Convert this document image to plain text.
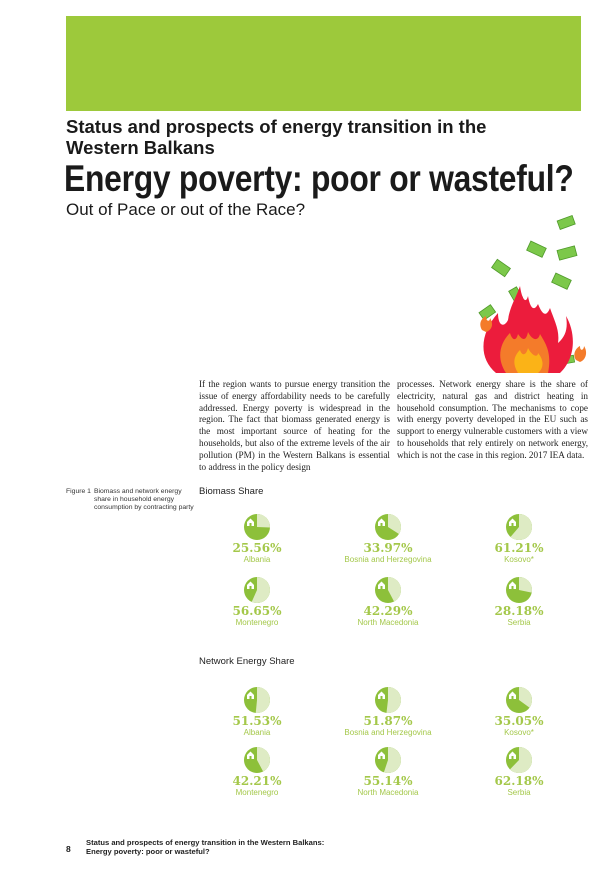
Status and prospects of energy transition in the Western Balkans
Energy poverty: poor or wasteful?
Out of Pace or out of the Race?
If the region wants to pursue energy transition the issue of energy affordability needs to be carefully addressed. Energy poverty is widespread in the region. The fact that biomass generated energy is the most important source of heating for the households, but also of the extreme levels of the air pollution (PM) in the Western Balkans is essential to address in the policy design
processes. Network energy share is the share of electricity, natural gas and district heating in household consumption. The mechanisms to cope with energy poverty developed in the EU such as support to energy vulnerable customers with a view to households that rely entirely on network energy, which is not the case in this region. 2017 IEA data.
Figure 1 Biomass and network energy share in household energy consumption by contracting party
Biomass Share
Network Energy Share
25.56%
Albania
33.97%
Bosnia and Herzegovina
61.21%
Kosovo*
56.65%
Montenegro
42.29%
North Macedonia
28.18%
Serbia
51.53%
Albania
51.87%
Bosnia and Herzegovina
35.05%
Kosovo*
42.21%
Montenegro
55.14%
North Macedonia
62.18%
Serbia
8
Status and prospects of energy transition in the Western Balkans:
Energy poverty: poor or wasteful?
